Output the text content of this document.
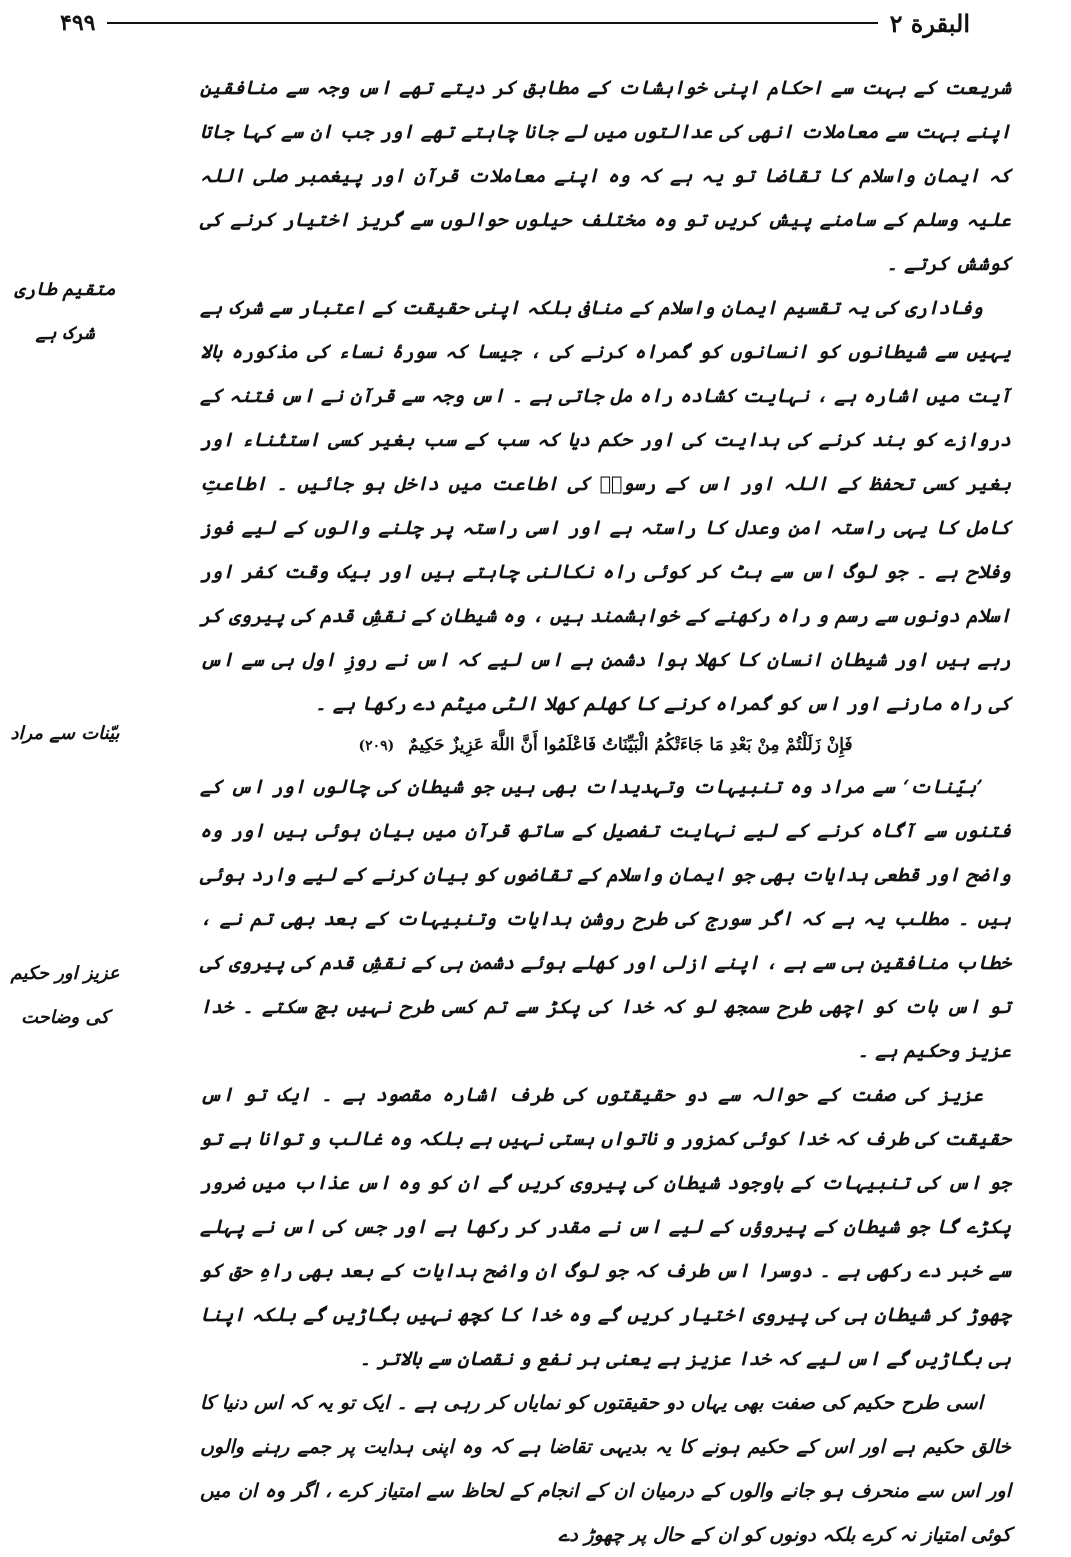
۴۹۹	البقرة ۲
متقیم طاری شرک ہے
بیّنات سے مراد
عزیز اور حکیم کی وضاحت

شریعت کے بہت سے احکام اپنی خواہشات کے مطابق کر دیتے تھے اس وجہ سے منافقین اپنے بہت سے معاملات انھی کی عدالتوں میں لے جانا چاہتے تھے اور جب ان سے کہا جاتا کہ ایمان واسلام کا تقاضا تو یہ ہے کہ وہ اپنے معاملات قرآن اور پیغمبر صلی اللہ علیہ وسلم کے سامنے پیش کریں تو وہ مختلف حیلوں حوالوں سے گریز اختیار کرنے کی کوشش کرتے ۔

وفاداری کی یہ تقسیم ایمان واسلام کے منافی بلکہ اپنی حقیقت کے اعتبار سے شرک ہے یہیں سے شیطانوں کو انسانوں کو گمراہ کرنے کی ، جیسا کہ سورۂ نساء کی مذکورہ بالا آیت میں اشارہ ہے ، نہایت کشادہ راہ مل جاتی ہے ۔ اس وجہ سے قرآن نے اس فتنہ کے دروازے کو بند کرنے کی ہدایت کی اور حکم دیا کہ سب کے سب بغیر کسی استثناء اور بغیر کسی تحفظ کے اللہ اور اس کے رسولؐ کی اطاعت میں داخل ہو جائیں ۔ اطاعتِ کامل کا یہی راستہ امن وعدل کا راستہ ہے اور اسی راستہ پر چلنے والوں کے لیے فوز وفلاح ہے ۔ جو لوگ اس سے ہٹ کر کوئی راہ نکالنی چاہتے ہیں اور بیک وقت کفر اور اسلام دونوں سے رسم و راہ رکھنے کے خواہشمند ہیں ، وہ شیطان کے نقشِ قدم کی پیروی کر رہے ہیں اور شیطان انسان کا کھلا ہوا دشمن ہے اس لیے کہ اس نے روزِ اول ہی سے اس کی راہ مارنے اور اس کو گمراہ کرنے کا کھلم کھلا الٹی میٹم دے رکھا ہے ۔

فَإِنْ زَلَلْتُمْ مِنْ بَعْدِ مَا جَاءَتْكُمُ الْبَيِّنَاتُ فَاعْلَمُوا أَنَّ اللَّهَ عَزِيزٌ حَكِيمٌ (۲۰۹)

’بیّنات‘ سے مراد وہ تنبیہات وتہدیدات بھی ہیں جو شیطان کی چالوں اور اس کے فتنوں سے آگاہ کرنے کے لیے نہایت تفصیل کے ساتھ قرآن میں بیان ہوئی ہیں اور وہ واضح اور قطعی ہدایات بھی جو ایمان واسلام کے تقاضوں کو بیان کرنے کے لیے وارد ہوئی ہیں ۔ مطلب یہ ہے کہ اگر سورج کی طرح روشن ہدایات وتنبیہات کے بعد بھی تم نے ، خطاب منافقین ہی سے ہے ، اپنے ازلی اور کھلے ہوئے دشمن ہی کے نقشِ قدم کی پیروی کی تو اس بات کو اچھی طرح سمجھ لو کہ خدا کی پکڑ سے تم کسی طرح نہیں بچ سکتے ۔ خدا عزیز وحکیم ہے ۔

عزیز کی صفت کے حوالہ سے دو حقیقتوں کی طرف اشارہ مقصود ہے ۔ ایک تو اس حقیقت کی طرف کہ خدا کوئی کمزور و ناتواں ہستی نہیں ہے بلکہ وہ غالب و توانا ہے تو جو اس کی تنبیہات کے باوجود شیطان کی پیروی کریں گے ان کو وہ اس عذاب میں ضرور پکڑے گا جو شیطان کے پیروؤں کے لیے اس نے مقدر کر رکھا ہے اور جس کی اس نے پہلے سے خبر دے رکھی ہے ۔ دوسرا اس طرف کہ جو لوگ ان واضح ہدایات کے بعد بھی راہِ حق کو چھوڑ کر شیطان ہی کی پیروی اختیار کریں گے وہ خدا کا کچھ نہیں بگاڑیں گے بلکہ اپنا ہی بگاڑیں گے اس لیے کہ خدا عزیز ہے یعنی ہر نفع و نقصان سے بالاتر ۔

اسی طرح حکیم کی صفت بھی یہاں دو حقیقتوں کو نمایاں کر رہی ہے ۔ ایک تو یہ کہ اس دنیا کا خالق حکیم ہے اور اس کے حکیم ہونے کا یہ بدیہی تقاضا ہے کہ وہ اپنی ہدایت پر جمے رہنے والوں اور اس سے منحرف ہو جانے والوں کے درمیان ان کے انجام کے لحاظ سے امتیاز کرے ، اگر وہ ان میں کوئی امتیاز نہ کرے بلکہ دونوں کو ان کے حال پر چھوڑ دے
